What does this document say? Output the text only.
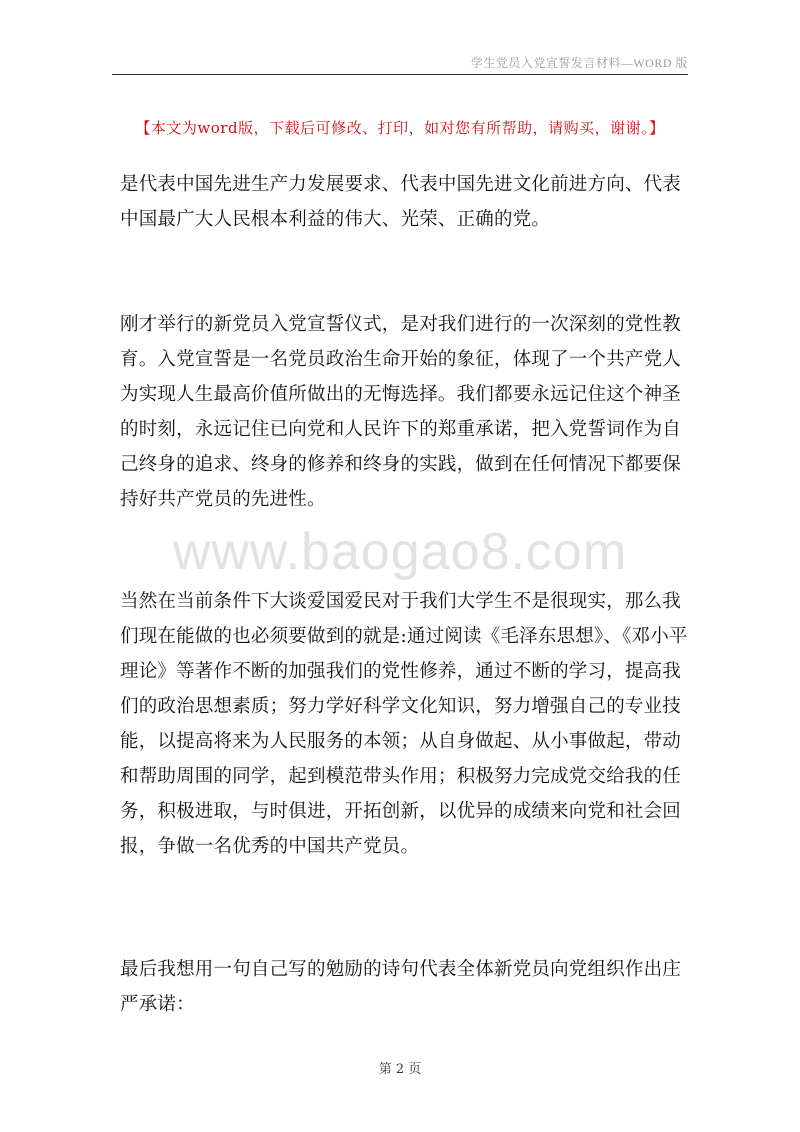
学生党员入党宣誓发言材料—WORD 版
【本文为word版，下载后可修改、打印，如对您有所帮助，请购买，谢谢。】
www.baogao8.com

是代表中国先进生产力发展要求、代表中国先进文化前进方向、代表中国最广大人民根本利益的伟大、光荣、正确的党。

刚才举行的新党员入党宣誓仪式，是对我们进行的一次深刻的党性教育。入党宣誓是一名党员政治生命开始的象征，体现了一个共产党人为实现人生最高价值所做出的无悔选择。我们都要永远记住这个神圣的时刻，永远记住已向党和人民许下的郑重承诺，把入党誓词作为自己终身的追求、终身的修养和终身的实践，做到在任何情况下都要保持好共产党员的先进性。

当然在当前条件下大谈爱国爱民对于我们大学生不是很现实，那么我们现在能做的也必须要做到的就是:通过阅读《毛泽东思想》、《邓小平理论》等著作不断的加强我们的党性修养，通过不断的学习，提高我们的政治思想素质；努力学好科学文化知识，努力增强自己的专业技能，以提高将来为人民服务的本领；从自身做起、从小事做起，带动和帮助周围的同学，起到模范带头作用；积极努力完成党交给我的任务，积极进取，与时俱进，开拓创新，以优异的成绩来向党和社会回报，争做一名优秀的中国共产党员。

最后我想用一句自己写的勉励的诗句代表全体新党员向党组织作出庄严承诺：

第 2 页
